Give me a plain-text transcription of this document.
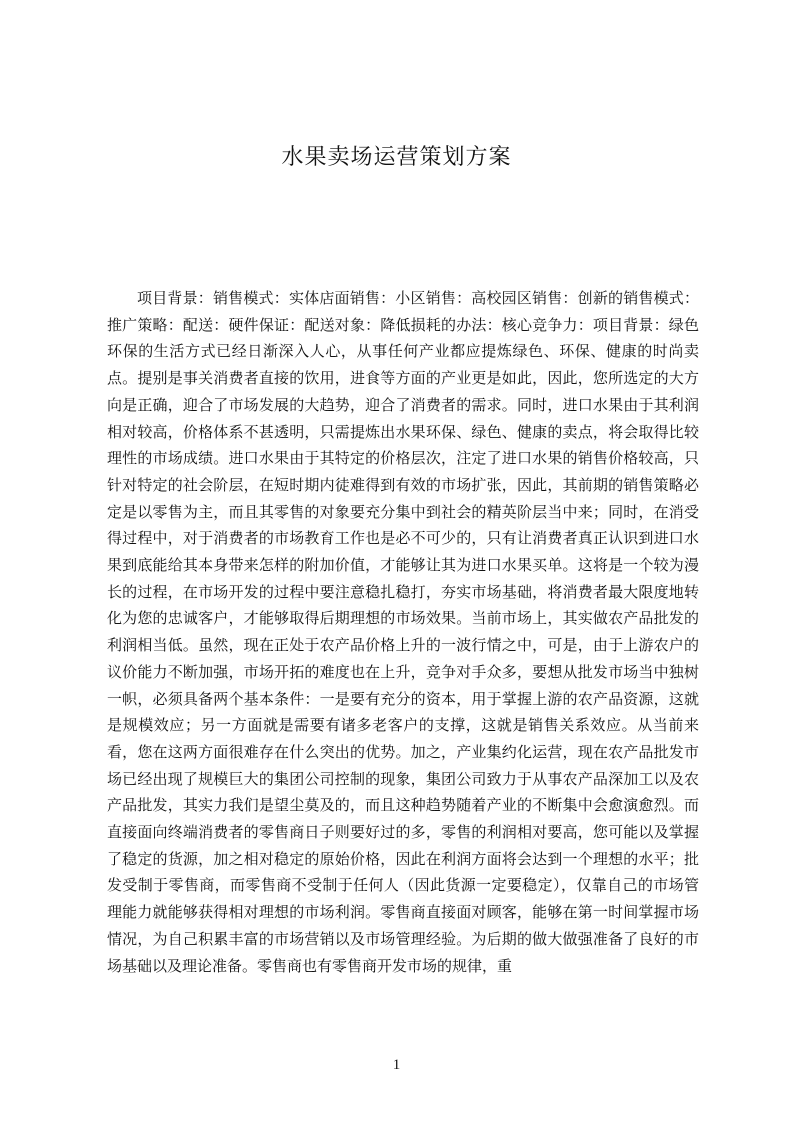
水果卖场运营策划方案

项目背景：销售模式：实体店面销售：小区销售：高校园区销售：创新的销售模式：推广策略：配送：硬件保证：配送对象：降低损耗的办法：核心竞争力：项目背景：绿色环保的生活方式已经日渐深入人心，从事任何产业都应提炼绿色、环保、健康的时尚卖点。提别是事关消费者直接的饮用，进食等方面的产业更是如此，因此，您所选定的大方向是正确，迎合了市场发展的大趋势，迎合了消费者的需求。同时，进口水果由于其利润相对较高，价格体系不甚透明，只需提炼出水果环保、绿色、健康的卖点，将会取得比较理性的市场成绩。进口水果由于其特定的价格层次，注定了进口水果的销售价格较高，只针对特定的社会阶层，在短时期内徒难得到有效的市场扩张，因此，其前期的销售策略必定是以零售为主，而且其零售的对象要充分集中到社会的精英阶层当中来；同时，在消受得过程中，对于消费者的市场教育工作也是必不可少的，只有让消费者真正认识到进口水果到底能给其本身带来怎样的附加价值，才能够让其为进口水果买单。这将是一个较为漫长的过程，在市场开发的过程中要注意稳扎稳打，夯实市场基础，将消费者最大限度地转化为您的忠诚客户，才能够取得后期理想的市场效果。当前市场上，其实做农产品批发的利润相当低。虽然，现在正处于农产品价格上升的一波行情之中，可是，由于上游农户的议价能力不断加强，市场开拓的难度也在上升，竞争对手众多，要想从批发市场当中独树一帜，必须具备两个基本条件：一是要有充分的资本，用于掌握上游的农产品资源，这就是规模效应；另一方面就是需要有诸多老客户的支撑，这就是销售关系效应。从当前来看，您在这两方面很难存在什么突出的优势。加之，产业集约化运营，现在农产品批发市场已经出现了规模巨大的集团公司控制的现象，集团公司致力于从事农产品深加工以及农产品批发，其实力我们是望尘莫及的，而且这种趋势随着产业的不断集中会愈演愈烈。而直接面向终端消费者的零售商日子则要好过的多，零售的利润相对要高，您可能以及掌握了稳定的货源，加之相对稳定的原始价格，因此在利润方面将会达到一个理想的水平；批发受制于零售商，而零售商不受制于任何人（因此货源一定要稳定），仅靠自己的市场管理能力就能够获得相对理想的市场利润。零售商直接面对顾客，能够在第一时间掌握市场情况，为自己积累丰富的市场营销以及市场管理经验。为后期的做大做强准备了良好的市场基础以及理论准备。零售商也有零售商开发市场的规律，重

1
